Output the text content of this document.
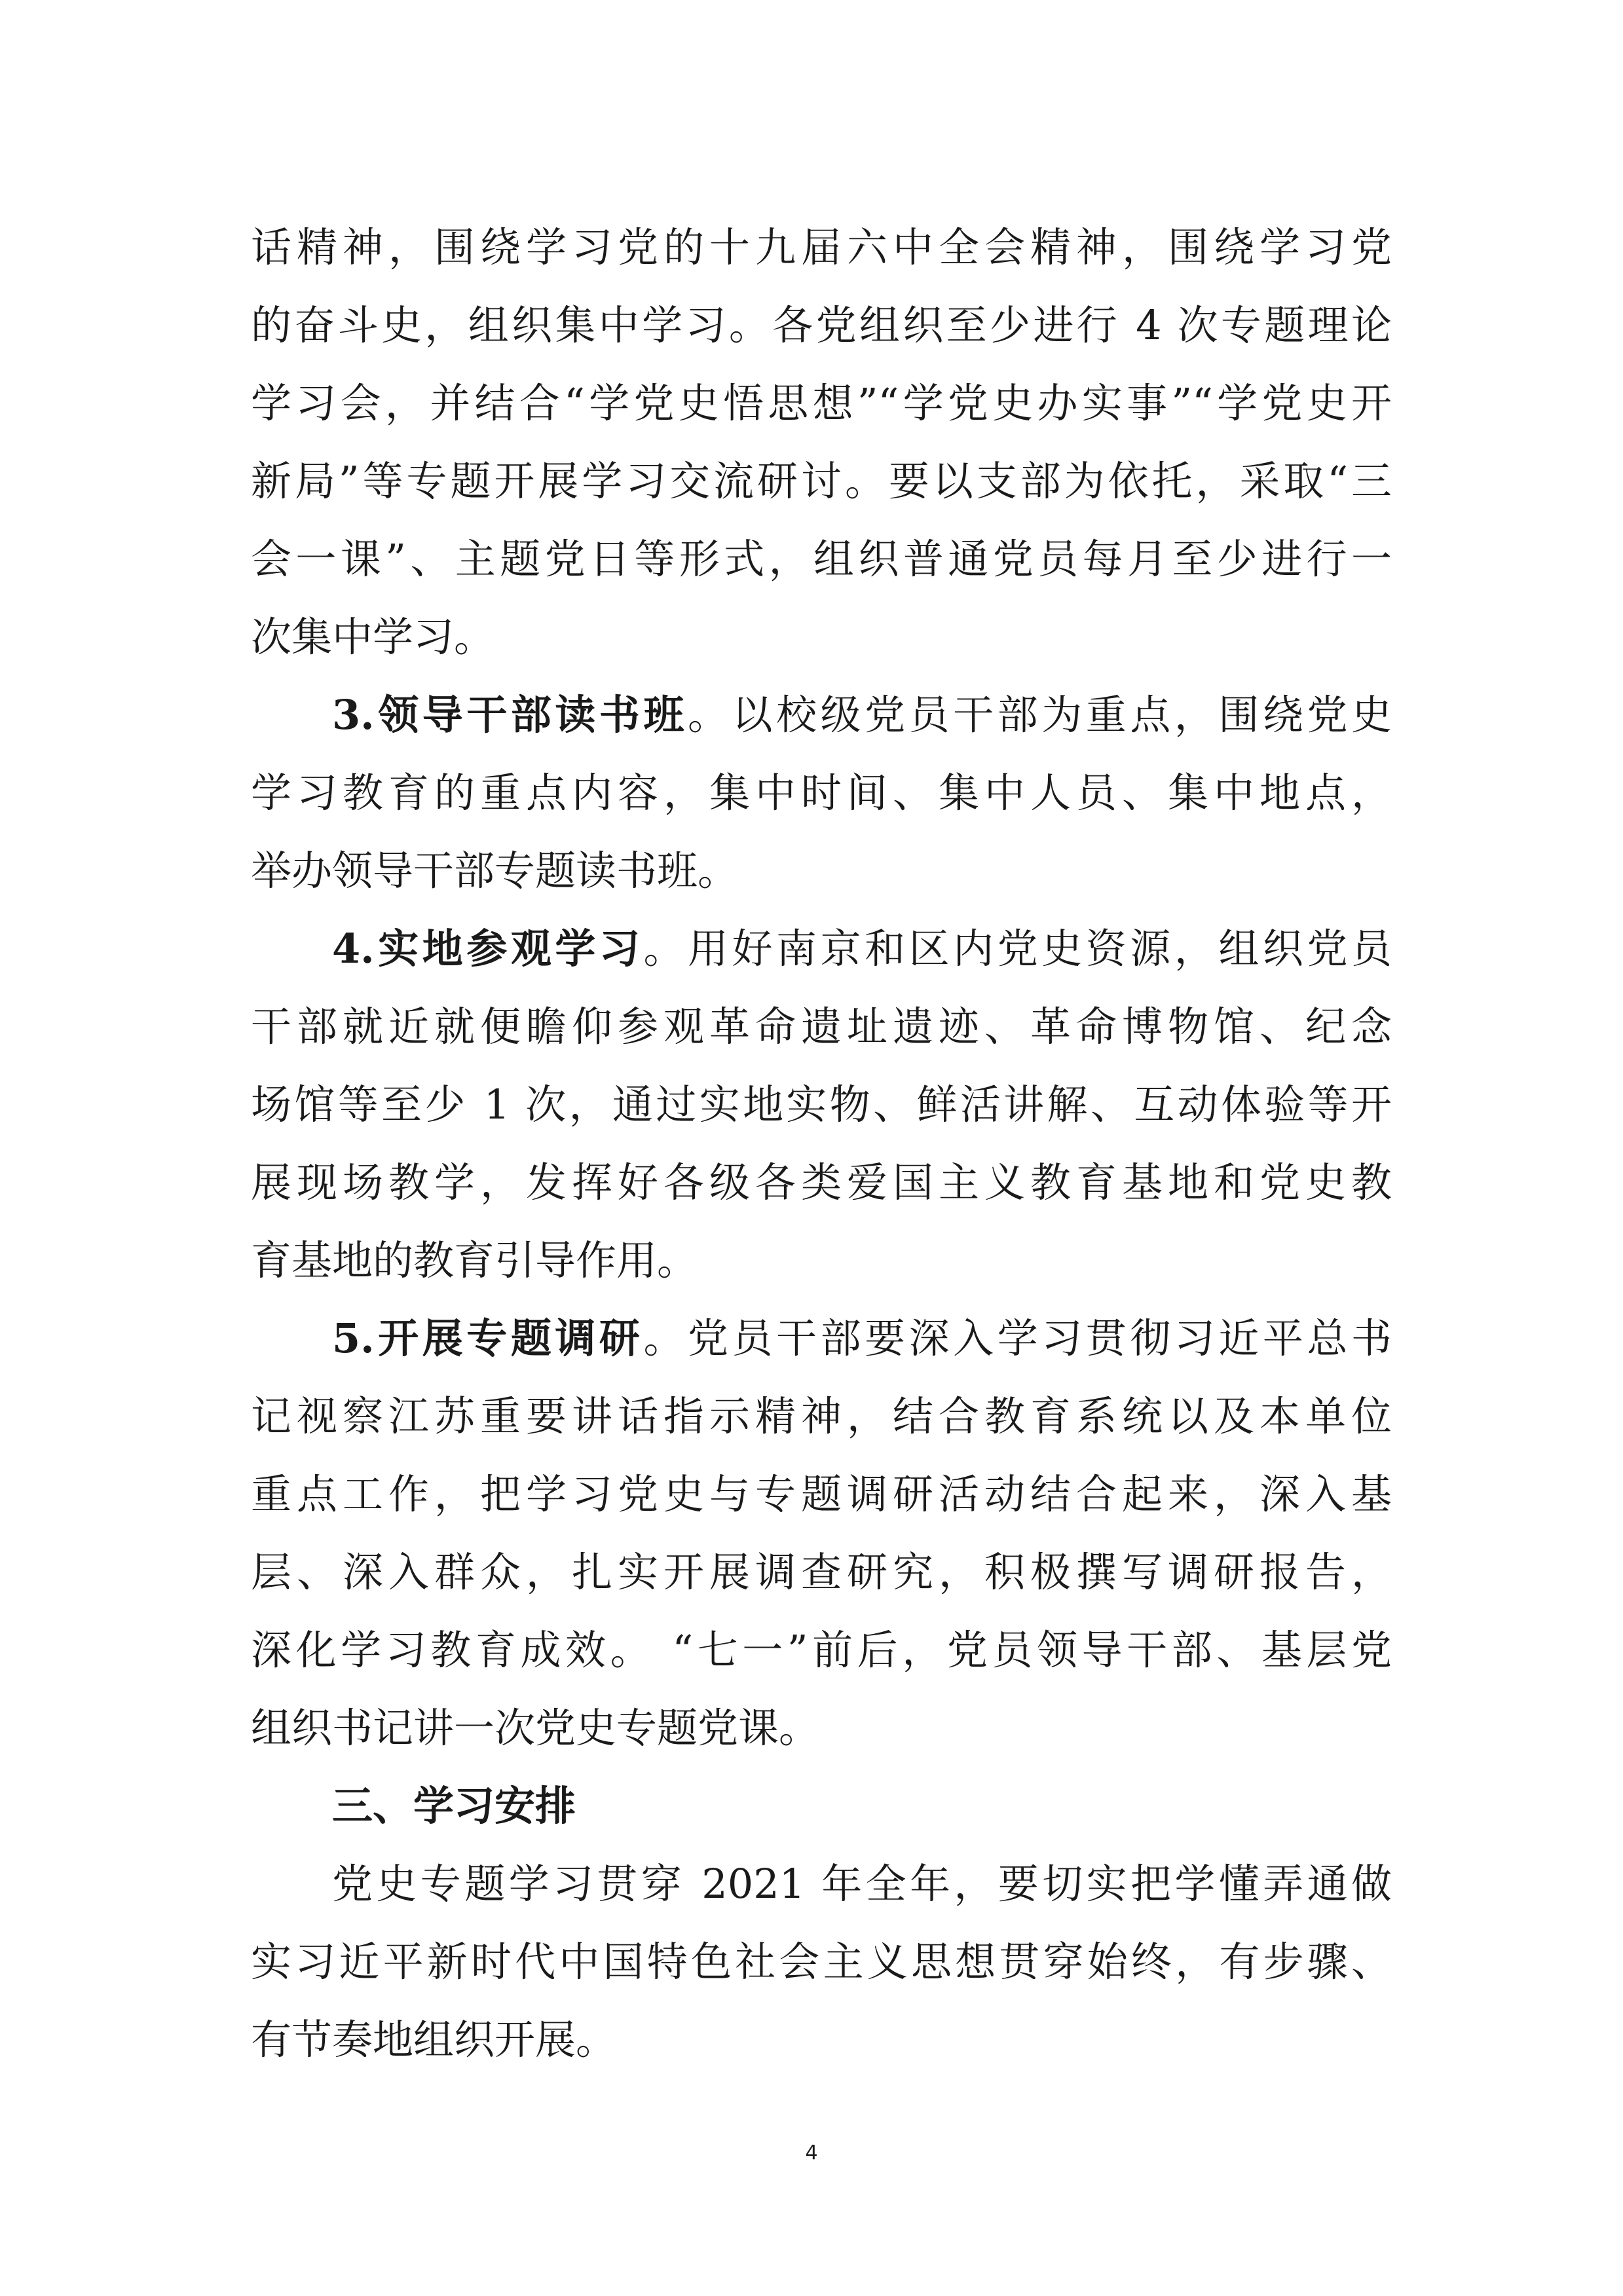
话精神，围绕学习党的十九届六中全会精神，围绕学习党
的奋斗史，组织集中学习。各党组织至少进行 4 次专题理论
学习会，并结合“学党史悟思想”“学党史办实事”“学党史开
新局”等专题开展学习交流研讨。要以支部为依托，采取“三
会一课”、主题党日等形式，组织普通党员每月至少进行一
次集中学习。
3.领导干部读书班。以校级党员干部为重点，围绕党史
学习教育的重点内容，集中时间、集中人员、集中地点，
举办领导干部专题读书班。
4.实地参观学习。用好南京和区内党史资源，组织党员
干部就近就便瞻仰参观革命遗址遗迹、革命博物馆、纪念
场馆等至少 1 次，通过实地实物、鲜活讲解、互动体验等开
展现场教学，发挥好各级各类爱国主义教育基地和党史教
育基地的教育引导作用。
5.开展专题调研。党员干部要深入学习贯彻习近平总书
记视察江苏重要讲话指示精神，结合教育系统以及本单位
重点工作，把学习党史与专题调研活动结合起来，深入基
层、深入群众，扎实开展调查研究，积极撰写调研报告，
深化学习教育成效。 “七一”前后，党员领导干部、基层党
组织书记讲一次党史专题党课。
三、学习安排
党史专题学习贯穿 2021 年全年，要切实把学懂弄通做
实习近平新时代中国特色社会主义思想贯穿始终，有步骤、
有节奏地组织开展。
4
